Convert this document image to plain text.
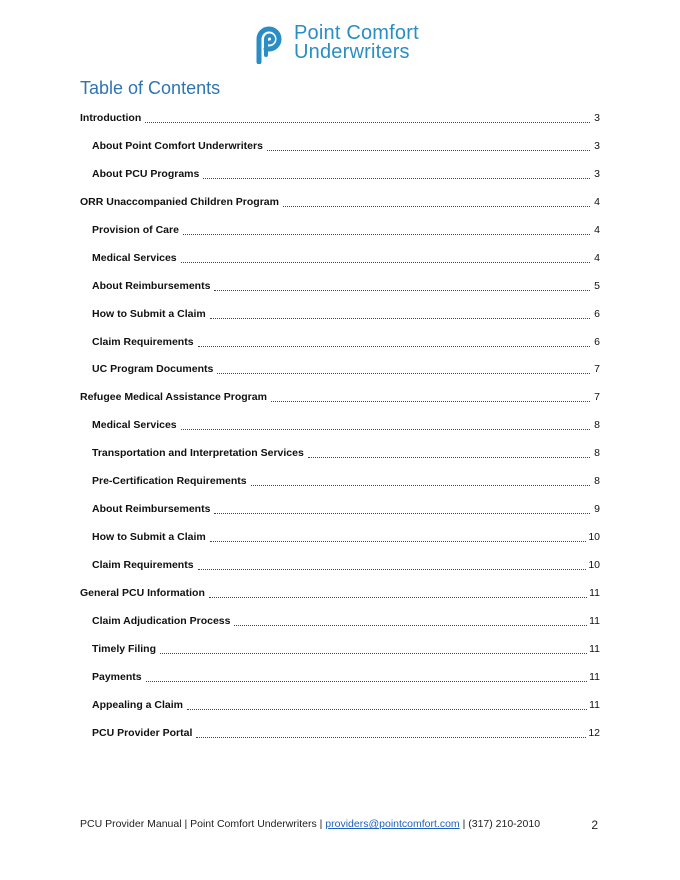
Point Comfort
Underwriters
Table of Contents
Introduction	3
About Point Comfort Underwriters	3
About PCU Programs	3
ORR Unaccompanied Children Program	4
Provision of Care	4
Medical Services	4
About Reimbursements	5
How to Submit a Claim	6
Claim Requirements	6
UC Program Documents	7
Refugee Medical Assistance Program	7
Medical Services	8
Transportation and Interpretation Services	8
Pre-Certification Requirements	8
About Reimbursements	9
How to Submit a Claim	10
Claim Requirements	10
General PCU Information	11
Claim Adjudication Process	11
Timely Filing	11
Payments	11
Appealing a Claim	11
PCU Provider Portal	12
PCU Provider Manual | Point Comfort Underwriters | providers@pointcomfort.com | (317) 210-2010	2
